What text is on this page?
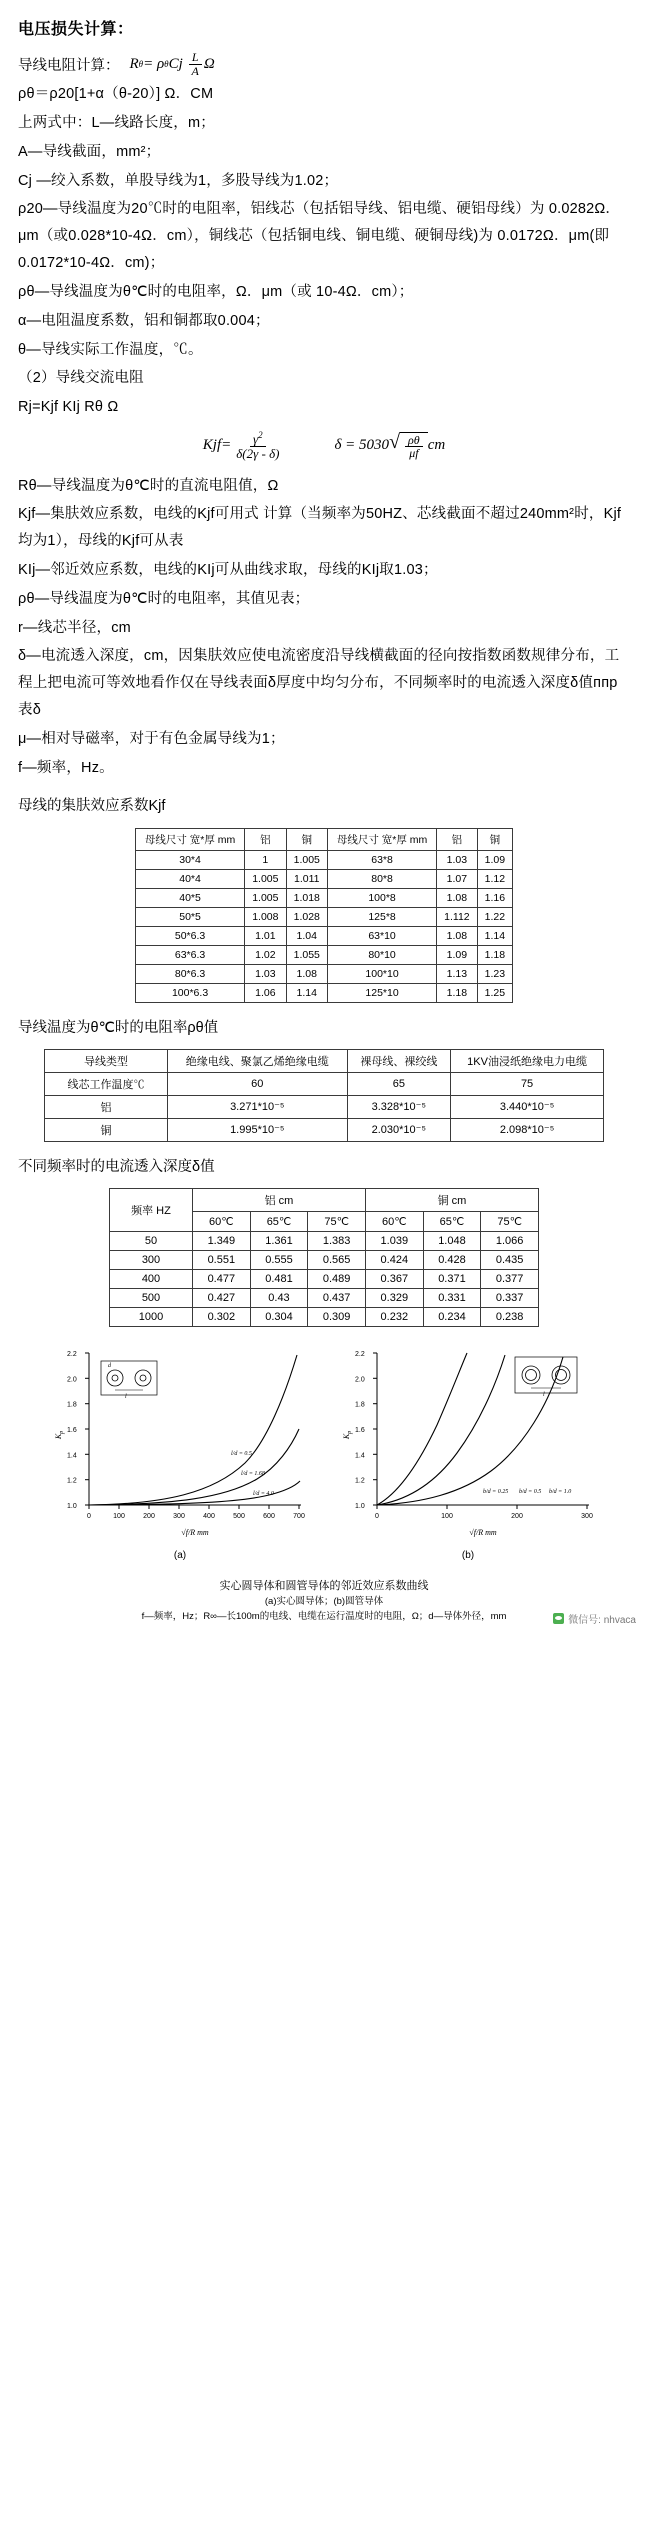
电压损失计算：
导线电阻计算： R θ = ρ θ Cj $\frac{L}{A}$ Ω
ρθ＝ρ20[1+α（θ-20）] Ω．CM
上两式中：L—线路长度，m；
A—导线截面，mm²；
Cj —绞入系数，单股导线为1，多股导线为1.02；
ρ20—导线温度为20℃时的电阻率，铝线芯（包括铝导线、铝电缆、硬铝母线）为 0.0282Ω．μm（或0.028*10-4Ω．cm），铜线芯（包括铜电线、铜电缆、硬铜母线)为 0.0172Ω．μm(即 0.0172*10-4Ω．cm)；
ρθ—导线温度为θ℃时的电阻率，Ω．μm（或 10-4Ω．cm）；
α—电阻温度系数，铝和铜都取0.004；
θ—导线实际工作温度，℃。
（2）导线交流电阻
Rj=Kjf KIj Rθ Ω
Kjf = $\frac{\gamma^2}{\delta(2\gamma - \delta)}$	δ = 5030 √ $\frac{\rho\theta}{\mu f}$ cm
Rθ—导线温度为θ℃时的直流电阻值，Ω
Kjf—集肤效应系数，电线的Kjf可用式 计算（当频率为50HZ、芯线截面不超过240mm²时，Kjf均为1），母线的Kjf可从表
KIj—邻近效应系数，电线的KIj可从曲线求取，母线的KIj取1.03；
ρθ—导线温度为θ℃时的电阻率，其值见表；
r—线芯半径，cm
δ—电流透入深度，cm，因集肤效应使电流密度沿导线横截面的径向按指数函数规律分布，工程上把电流可等效地看作仅在导线表面δ厚度中均匀分布，不同频率时的电流透入深度δ值ппр表δ
μ—相对导磁率，对于有色金属导线为1；
f—频率，Hz。
母线的集肤效应系数Kjf
母线尺寸 宽*厚 mm	铝	铜	母线尺寸 宽*厚 mm	铝	铜
30*4	1	1.005	63*8	1.03	1.09
40*4	1.005	1.011	80*8	1.07	1.12
40*5	1.005	1.018	100*8	1.08	1.16
50*5	1.008	1.028	125*8	1.112	1.22
50*6.3	1.01	1.04	63*10	1.08	1.14
63*6.3	1.02	1.055	80*10	1.09	1.18
80*6.3	1.03	1.08	100*10	1.13	1.23
100*6.3	1.06	1.14	125*10	1.18	1.25
导线温度为θ℃时的电阻率ρθ值
导线类型	绝缘电线、聚氯乙烯绝缘电缆	裸母线、裸绞线	1KV油浸纸绝缘电力电缆
线芯工作温度℃	60	65	75
铝	3.271*10⁻⁵	3.328*10⁻⁵	3.440*10⁻⁵
铜	1.995*10⁻⁵	2.030*10⁻⁵	2.098*10⁻⁵
不同频率时的电流透入深度δ值
频率 HZ	铝 cm			铜 cm		
	60℃	65℃	75℃	60℃	65℃	75℃
50	1.349	1.361	1.383	1.039	1.048	1.066
300	0.551	0.555	0.565	0.424	0.428	0.435
400	0.477	0.481	0.489	0.367	0.371	0.377
500	0.427	0.43	0.437	0.329	0.331	0.337
1000	0.302	0.304	0.309	0.232	0.234	0.238
1.0
1.2
1.4
1.6
1.8
2.0
2.2
0	100	200	300	400	500	600	700
l/d = 0.5
l/d = 1.68
l/d = 4.0
l
d
$K_p$
√f/R mm
(a)
1.0
1.2
1.4
1.6
1.8
2.0
2.2
0	100	200	300
b/d = 0.25 b/d = 0.5 b/d = 1.0
l
$K_p$
√f/R mm
(b)
实心圆导体和圆管导体的邻近效应系数曲线
(a)实心圆导体；(b)圆管导体
f—频率，Hz；R∞—长100m的电线、电缆在运行温度时的电阻，Ω；d—导体外径，mm	微信号: nhvaca
